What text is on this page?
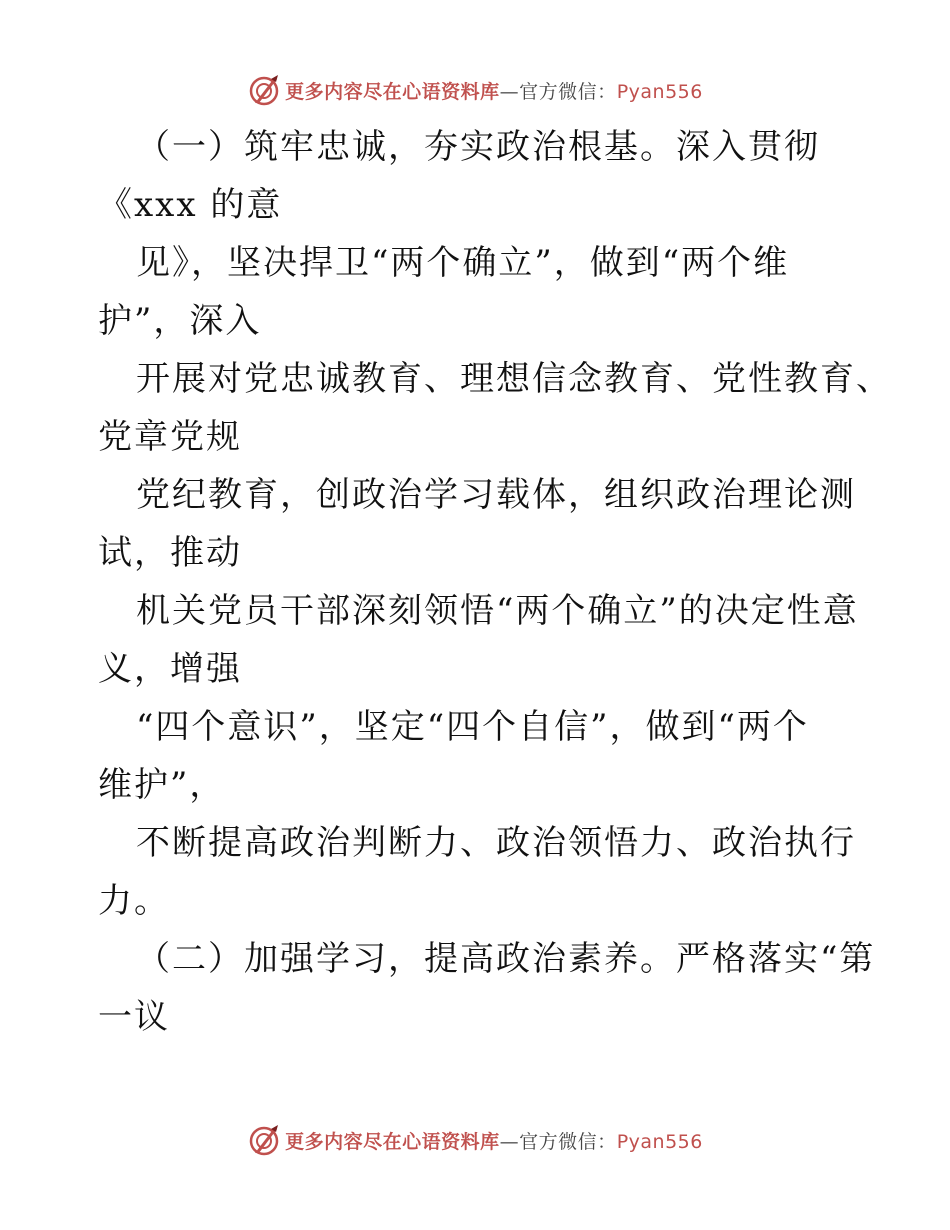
更多内容尽在心语资料库—官方微信：Pyan556
（一）筑牢忠诚，夯实政治根基。深入贯彻
《xxx 的意
见》，坚决捍卫“两个确立”，做到“两个维
护”，深入
开展对党忠诚教育、理想信念教育、党性教育、
党章党规
党纪教育，创政治学习载体，组织政治理论测
试，推动
机关党员干部深刻领悟“两个确立”的决定性意
义，增强
“四个意识”，坚定“四个自信”，做到“两个
维护”，
不断提高政治判断力、政治领悟力、政治执行
力。
（二）加强学习，提高政治素养。严格落实“第
一议
更多内容尽在心语资料库—官方微信：Pyan556
